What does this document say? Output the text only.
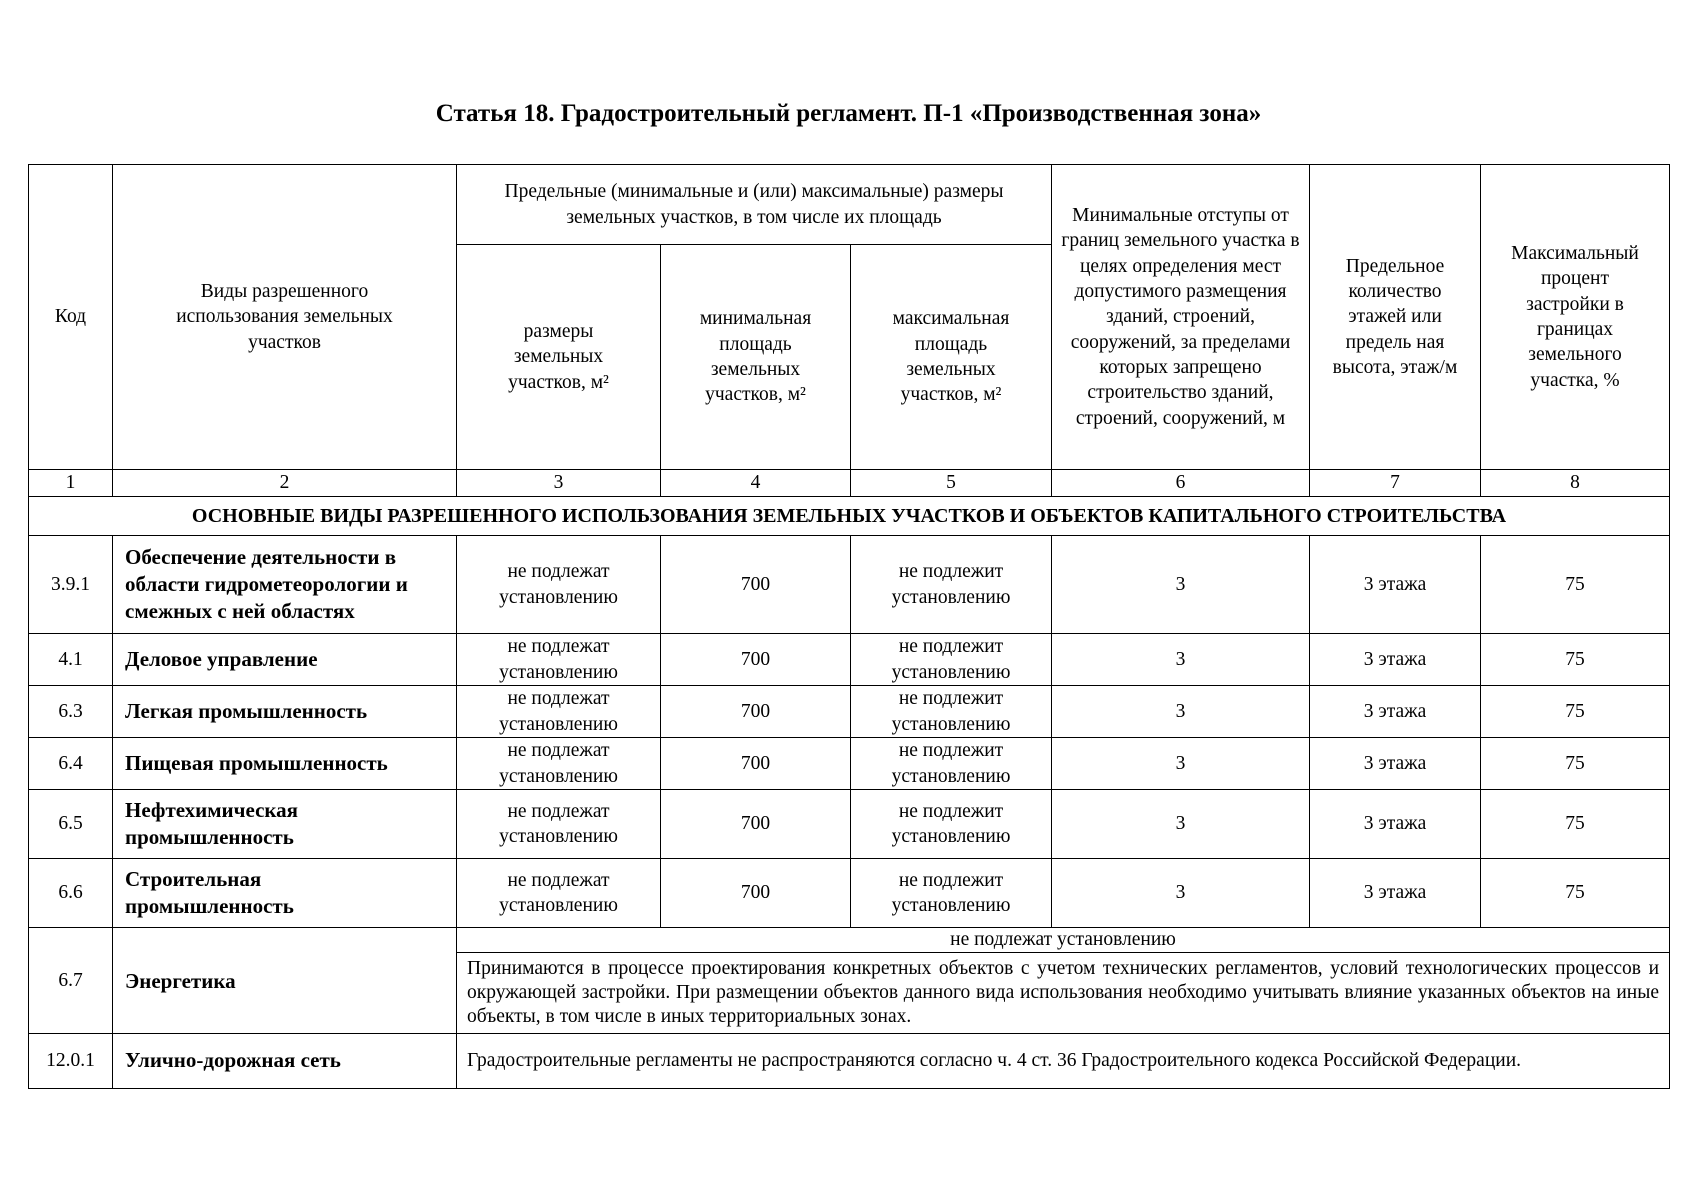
Статья 18. Градостроительный регламент. П-1 «Производственная зона»
Код	Виды разрешенного использования земельных участков	Предельные (минимальные и (или) максимальные) размеры земельных участков, в том числе их площадь			Минимальные отступы от границ земельного участка в целях определения мест допустимого размещения зданий, строений, сооружений, за пределами которых запрещено строительство зданий, строений, сооружений, м	Предельное количество этажей или предель ная высота, этаж/м	Максимальный процент застройки в границах земельного участка, %
		размеры земельных участков, м²	минимальная площадь земельных участков, м²	максимальная площадь земельных участков, м²			
1	2	3	4	5	6	7	8
ОСНОВНЫЕ ВИДЫ РАЗРЕШЕННОГО ИСПОЛЬЗОВАНИЯ ЗЕМЕЛЬНЫХ УЧАСТКОВ И ОБЪЕКТОВ КАПИТАЛЬНОГО СТРОИТЕЛЬСТВА							
3.9.1	Обеспечение деятельности в области гидрометеорологии и смежных с ней областях	не подлежат установлению	700	не подлежит установлению	3	3 этажа	75
4.1	Деловое управление	не подлежат установлению	700	не подлежит установлению	3	3 этажа	75
6.3	Легкая промышленность	не подлежат установлению	700	не подлежит установлению	3	3 этажа	75
6.4	Пищевая промышленность	не подлежат установлению	700	не подлежит установлению	3	3 этажа	75
6.5	Нефтехимическая промышленность	не подлежат установлению	700	не подлежит установлению	3	3 этажа	75
6.6	Строительная промышленность	не подлежат установлению	700	не подлежит установлению	3	3 этажа	75
6.7	Энергетика	не подлежат установлению					
		Принимаются в процессе проектирования конкретных объектов с учетом технических регламентов, условий технологических процессов и окружающей застройки. При размещении объектов данного вида использования необходимо учитывать влияние указанных объектов на иные объекты, в том числе в иных территориальных зонах.					
12.0.1	Улично-дорожная сеть	Градостроительные регламенты не распространяются согласно ч. 4 ст. 36 Градостроительного кодекса Российской Федерации.					
